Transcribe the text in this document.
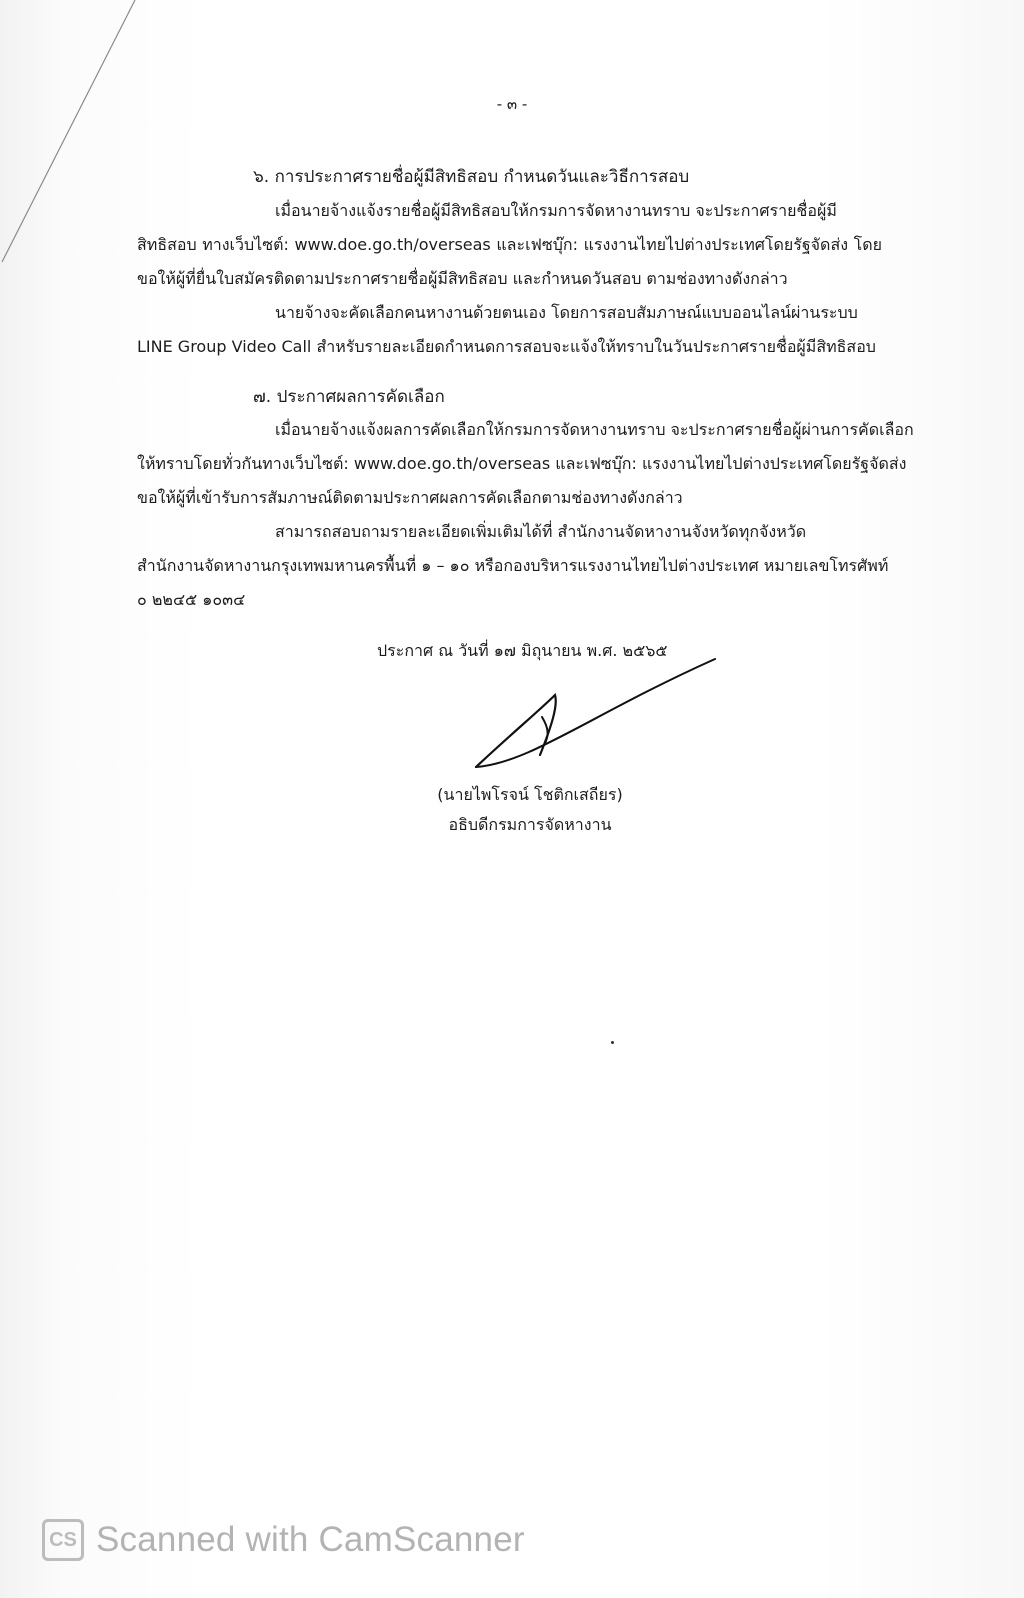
- ๓ -
๖. การประกาศรายชื่อผู้มีสิทธิสอบ กำหนดวันและวิธีการสอบ
เมื่อนายจ้างแจ้งรายชื่อผู้มีสิทธิสอบให้กรมการจัดหางานทราบ จะประกาศรายชื่อผู้มี
สิทธิสอบ ทางเว็บไซต์: www.doe.go.th/overseas และเฟซบุ๊ก: แรงงานไทยไปต่างประเทศโดยรัฐจัดส่ง โดย
ขอให้ผู้ที่ยื่นใบสมัครติดตามประกาศรายชื่อผู้มีสิทธิสอบ และกำหนดวันสอบ ตามช่องทางดังกล่าว
นายจ้างจะคัดเลือกคนหางานด้วยตนเอง โดยการสอบสัมภาษณ์แบบออนไลน์ผ่านระบบ
LINE Group Video Call สำหรับรายละเอียดกำหนดการสอบจะแจ้งให้ทราบในวันประกาศรายชื่อผู้มีสิทธิสอบ
๗. ประกาศผลการคัดเลือก
เมื่อนายจ้างแจ้งผลการคัดเลือกให้กรมการจัดหางานทราบ จะประกาศรายชื่อผู้ผ่านการคัดเลือก
ให้ทราบโดยทั่วกันทางเว็บไซต์: www.doe.go.th/overseas และเฟซบุ๊ก: แรงงานไทยไปต่างประเทศโดยรัฐจัดส่ง
ขอให้ผู้ที่เข้ารับการสัมภาษณ์ติดตามประกาศผลการคัดเลือกตามช่องทางดังกล่าว
สามารถสอบถามรายละเอียดเพิ่มเติมได้ที่ สำนักงานจัดหางานจังหวัดทุกจังหวัด
สำนักงานจัดหางานกรุงเทพมหานครพื้นที่ ๑ – ๑๐ หรือกองบริหารแรงงานไทยไปต่างประเทศ หมายเลขโทรศัพท์
๐ ๒๒๔๕ ๑๐๓๔
ประกาศ ณ วันที่ ๑๗ มิถุนายน พ.ศ. ๒๕๖๕
(นายไพโรจน์ โชติกเสถียร)
อธิบดีกรมการจัดหางาน
CS Scanned with CamScanner
